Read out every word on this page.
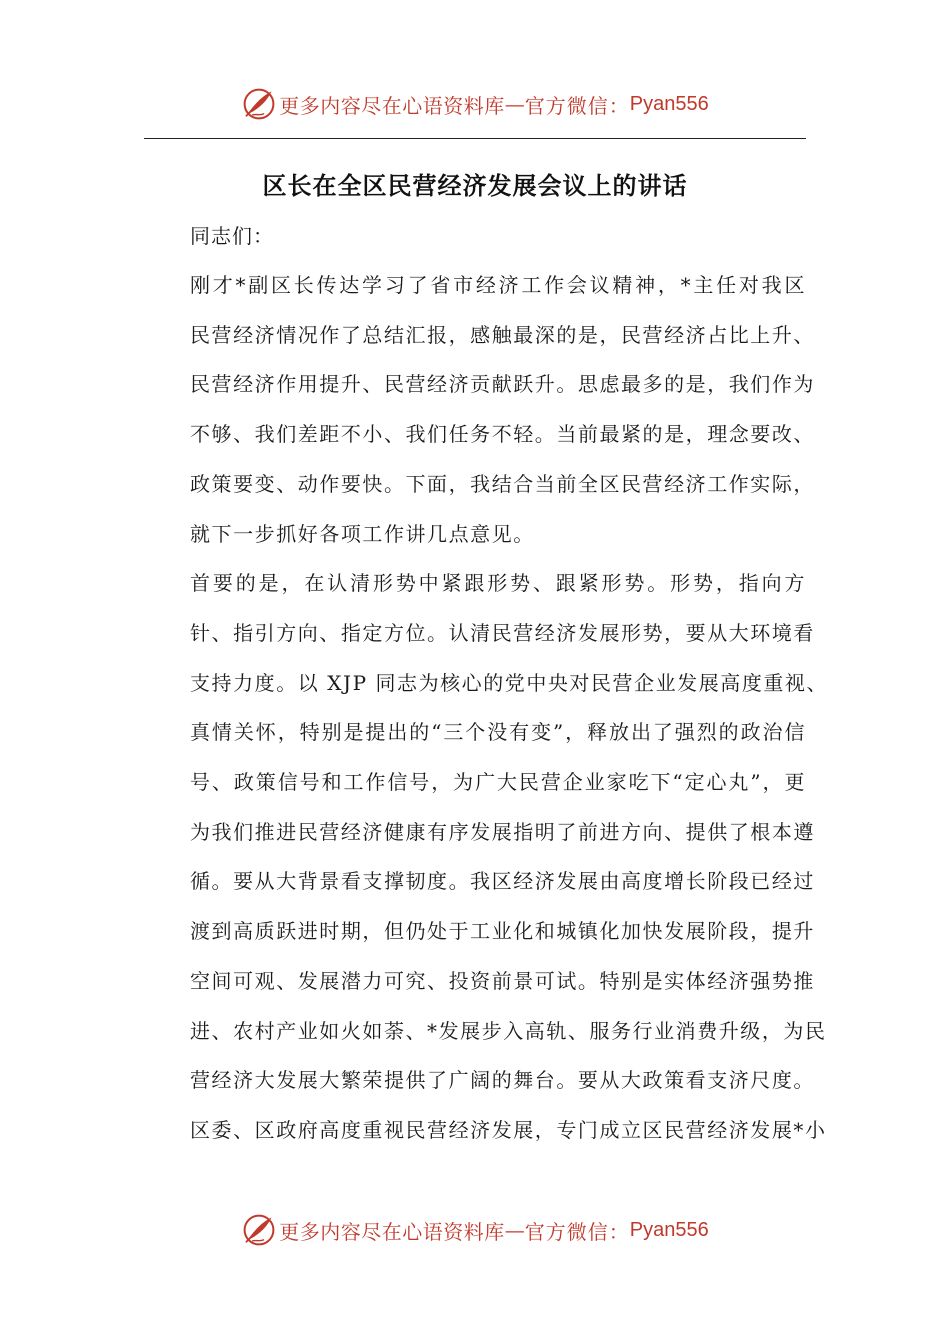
更多内容尽在心语资料库 — 官方微信： Pyan556
区长在全区民营经济发展会议上的讲话

同志们：

刚才*副区长传达学习了省市经济工作会议精神，*主任对我区
民营经济情况作了总结汇报，感触最深的是，民营经济占比上升、
民营经济作用提升、民营经济贡献跃升。思虑最多的是，我们作为
不够、我们差距不小、我们任务不轻。当前最紧的是，理念要改、
政策要变、动作要快。下面，我结合当前全区民营经济工作实际，
就下一步抓好各项工作讲几点意见。

首要的是，在认清形势中紧跟形势、跟紧形势。形势，指向方
针、指引方向、指定方位。认清民营经济发展形势，要从大环境看
支持力度。以 XJP 同志为核心的党中央对民营企业发展高度重视、
真情关怀，特别是提出的“三个没有变”，释放出了强烈的政治信
号、政策信号和工作信号，为广大民营企业家吃下“定心丸”，更
为我们推进民营经济健康有序发展指明了前进方向、提供了根本遵
循。要从大背景看支撑韧度。我区经济发展由高度增长阶段已经过
渡到高质跃进时期，但仍处于工业化和城镇化加快发展阶段，提升
空间可观、发展潜力可究、投资前景可试。特别是实体经济强势推
进、农村产业如火如荼、*发展步入高轨、服务行业消费升级，为民
营经济大发展大繁荣提供了广阔的舞台。要从大政策看支济尺度。
区委、区政府高度重视民营经济发展，专门成立区民营经济发展*小

更多内容尽在心语资料库 — 官方微信： Pyan556
